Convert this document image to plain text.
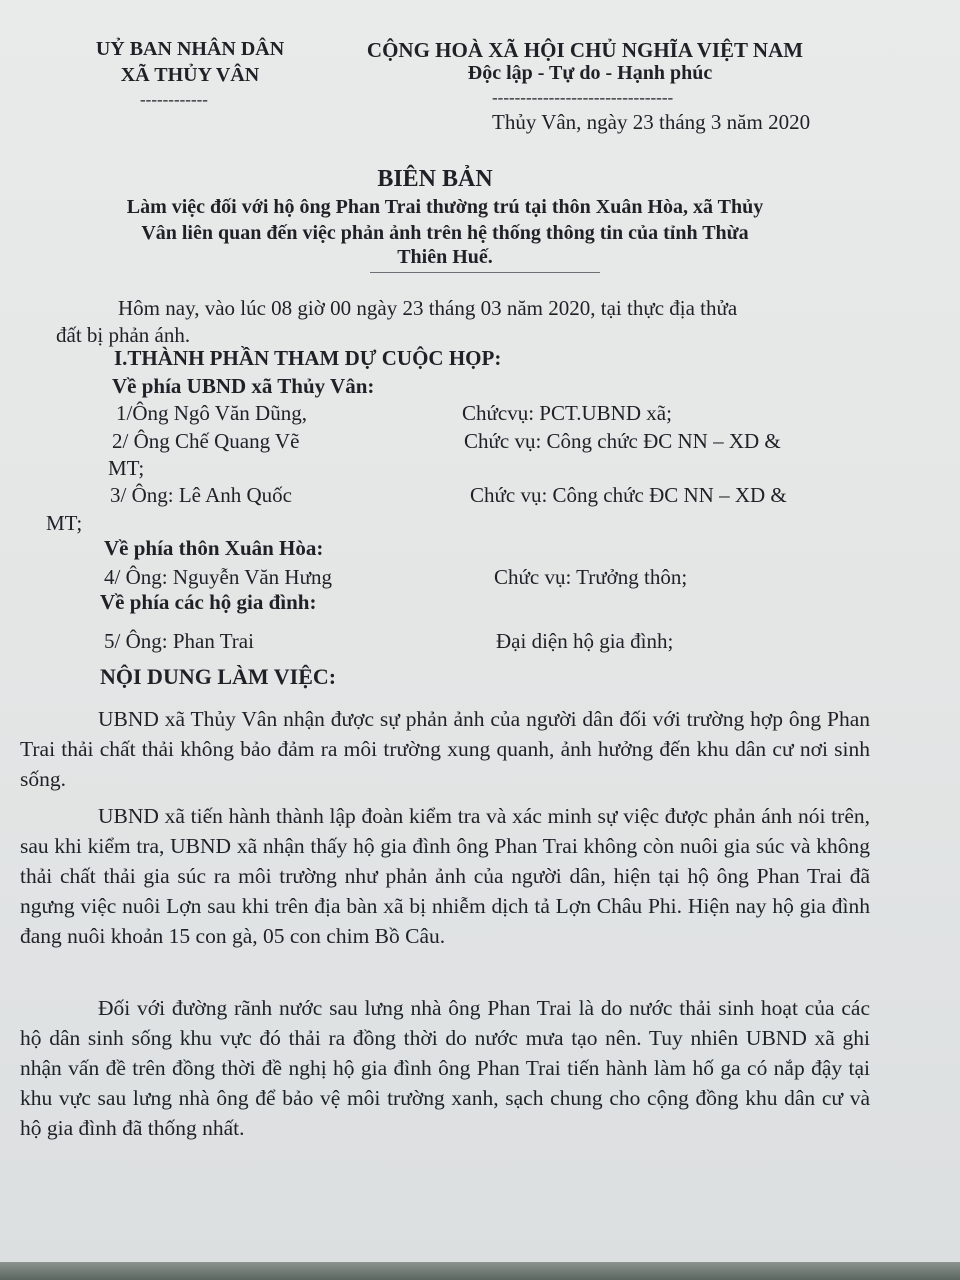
UỶ BAN NHÂN DÂN
XÃ THỦY VÂN
------------
CỘNG HOÀ XÃ HỘI CHỦ NGHĨA VIỆT NAM
Độc lập - Tự do - Hạnh phúc
--------------------------------
Thủy Vân, ngày 23 tháng 3 năm 2020
BIÊN BẢN
Làm việc đối với hộ ông Phan Trai thường trú tại thôn Xuân Hòa, xã Thủy
Vân liên quan đến việc phản ảnh trên hệ thống thông tin của tỉnh Thừa
Thiên Huế.
Hôm nay, vào lúc 08 giờ 00 ngày 23 tháng 03 năm 2020, tại thực địa thửa
đất bị phản ánh.
I.THÀNH PHẦN THAM DỰ CUỘC HỌP:
Về phía UBND xã Thủy Vân:
1/Ông Ngô Văn Dũng,	Chứcvụ: PCT.UBND xã;
2/ Ông Chế Quang Vẽ	Chức vụ: Công chức ĐC NN – XD &
MT;
3/ Ông: Lê Anh Quốc	Chức vụ: Công chức ĐC NN – XD &
MT;
Về phía thôn Xuân Hòa:
4/ Ông: Nguyễn Văn Hưng	Chức vụ: Trưởng thôn;
Về phía các hộ gia đình:
5/ Ông: Phan Trai	Đại diện hộ gia đình;
NỘI DUNG LÀM VIỆC:
UBND xã Thủy Vân nhận được sự phản ảnh của người dân đối với trường hợp ông Phan Trai thải chất thải không bảo đảm ra môi trường xung quanh, ảnh hưởng đến khu dân cư nơi sinh sống.
UBND xã tiến hành thành lập đoàn kiểm tra và xác minh sự việc được phản ánh nói trên, sau khi kiểm tra, UBND xã nhận thấy hộ gia đình ông Phan Trai không còn nuôi gia súc và không thải chất thải gia súc ra môi trường như phản ảnh của người dân, hiện tại hộ ông Phan Trai đã ngưng việc nuôi Lợn sau khi trên địa bàn xã bị nhiễm dịch tả Lợn Châu Phi. Hiện nay hộ gia đình đang nuôi khoản 15 con gà, 05 con chim Bồ Câu.
Đối với đường rãnh nước sau lưng nhà ông Phan Trai là do nước thải sinh hoạt của các hộ dân sinh sống khu vực đó thải ra đồng thời do nước mưa tạo nên. Tuy nhiên UBND xã ghi nhận vấn đề trên đồng thời đề nghị hộ gia đình ông Phan Trai tiến hành làm hố ga có nắp đậy tại khu vực sau lưng nhà ông để bảo vệ môi trường xanh, sạch chung cho cộng đồng khu dân cư và hộ gia đình đã thống nhất.
